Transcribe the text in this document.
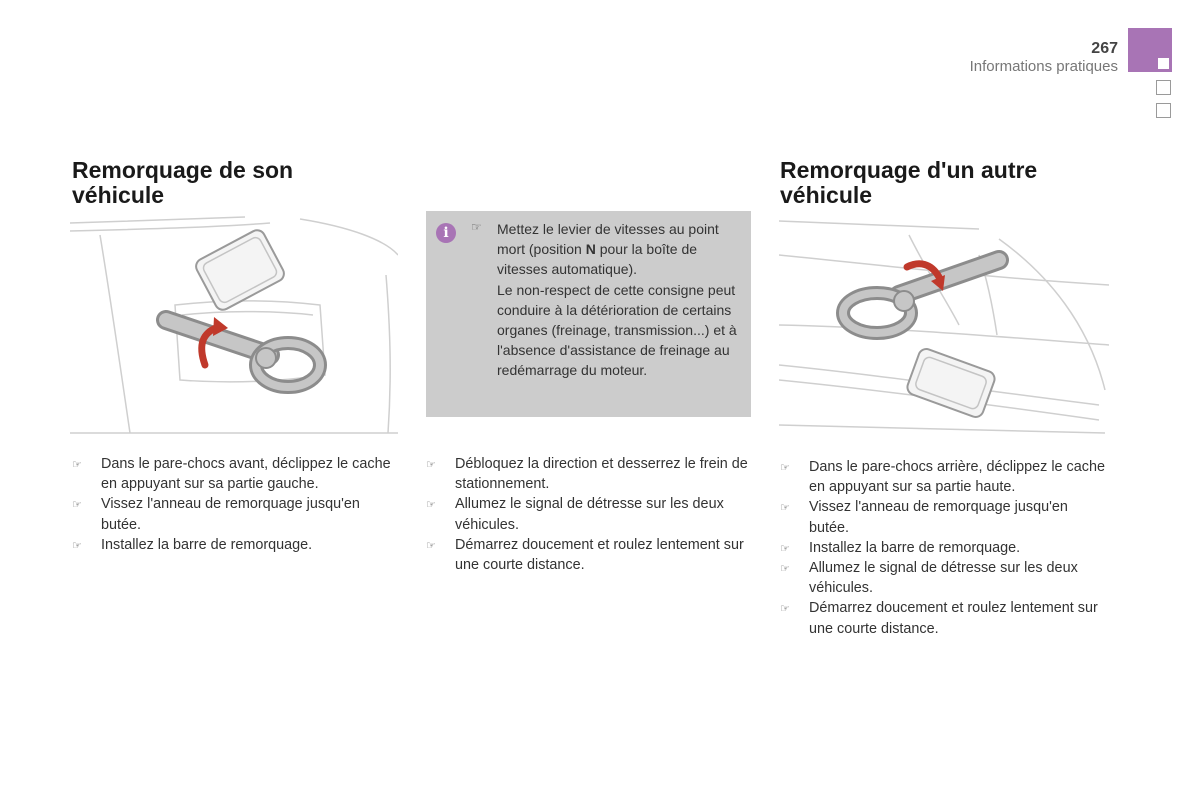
267
Informations pratiques
Remorquage de son
véhicule
☞ Dans le pare-chocs avant, déclippez le cache en appuyant sur sa partie gauche.
☞ Vissez l'anneau de remorquage jusqu'en butée.
☞ Installez la barre de remorquage.
i	☞ Mettez le levier de vitesses au point mort (position N pour la boîte de vitesses automatique).
Le non-respect de cette consigne peut conduire à la détérioration de certains organes (freinage, transmission...) et à l'absence d'assistance de freinage au redémarrage du moteur.
☞ Débloquez la direction et desserrez le frein de stationnement.
☞ Allumez le signal de détresse sur les deux véhicules.
☞ Démarrez doucement et roulez lentement sur une courte distance.
Remorquage d'un autre
véhicule
☞ Dans le pare-chocs arrière, déclippez le cache en appuyant sur sa partie haute.
☞ Vissez l'anneau de remorquage jusqu'en butée.
☞ Installez la barre de remorquage.
☞ Allumez le signal de détresse sur les deux véhicules.
☞ Démarrez doucement et roulez lentement sur une courte distance.
